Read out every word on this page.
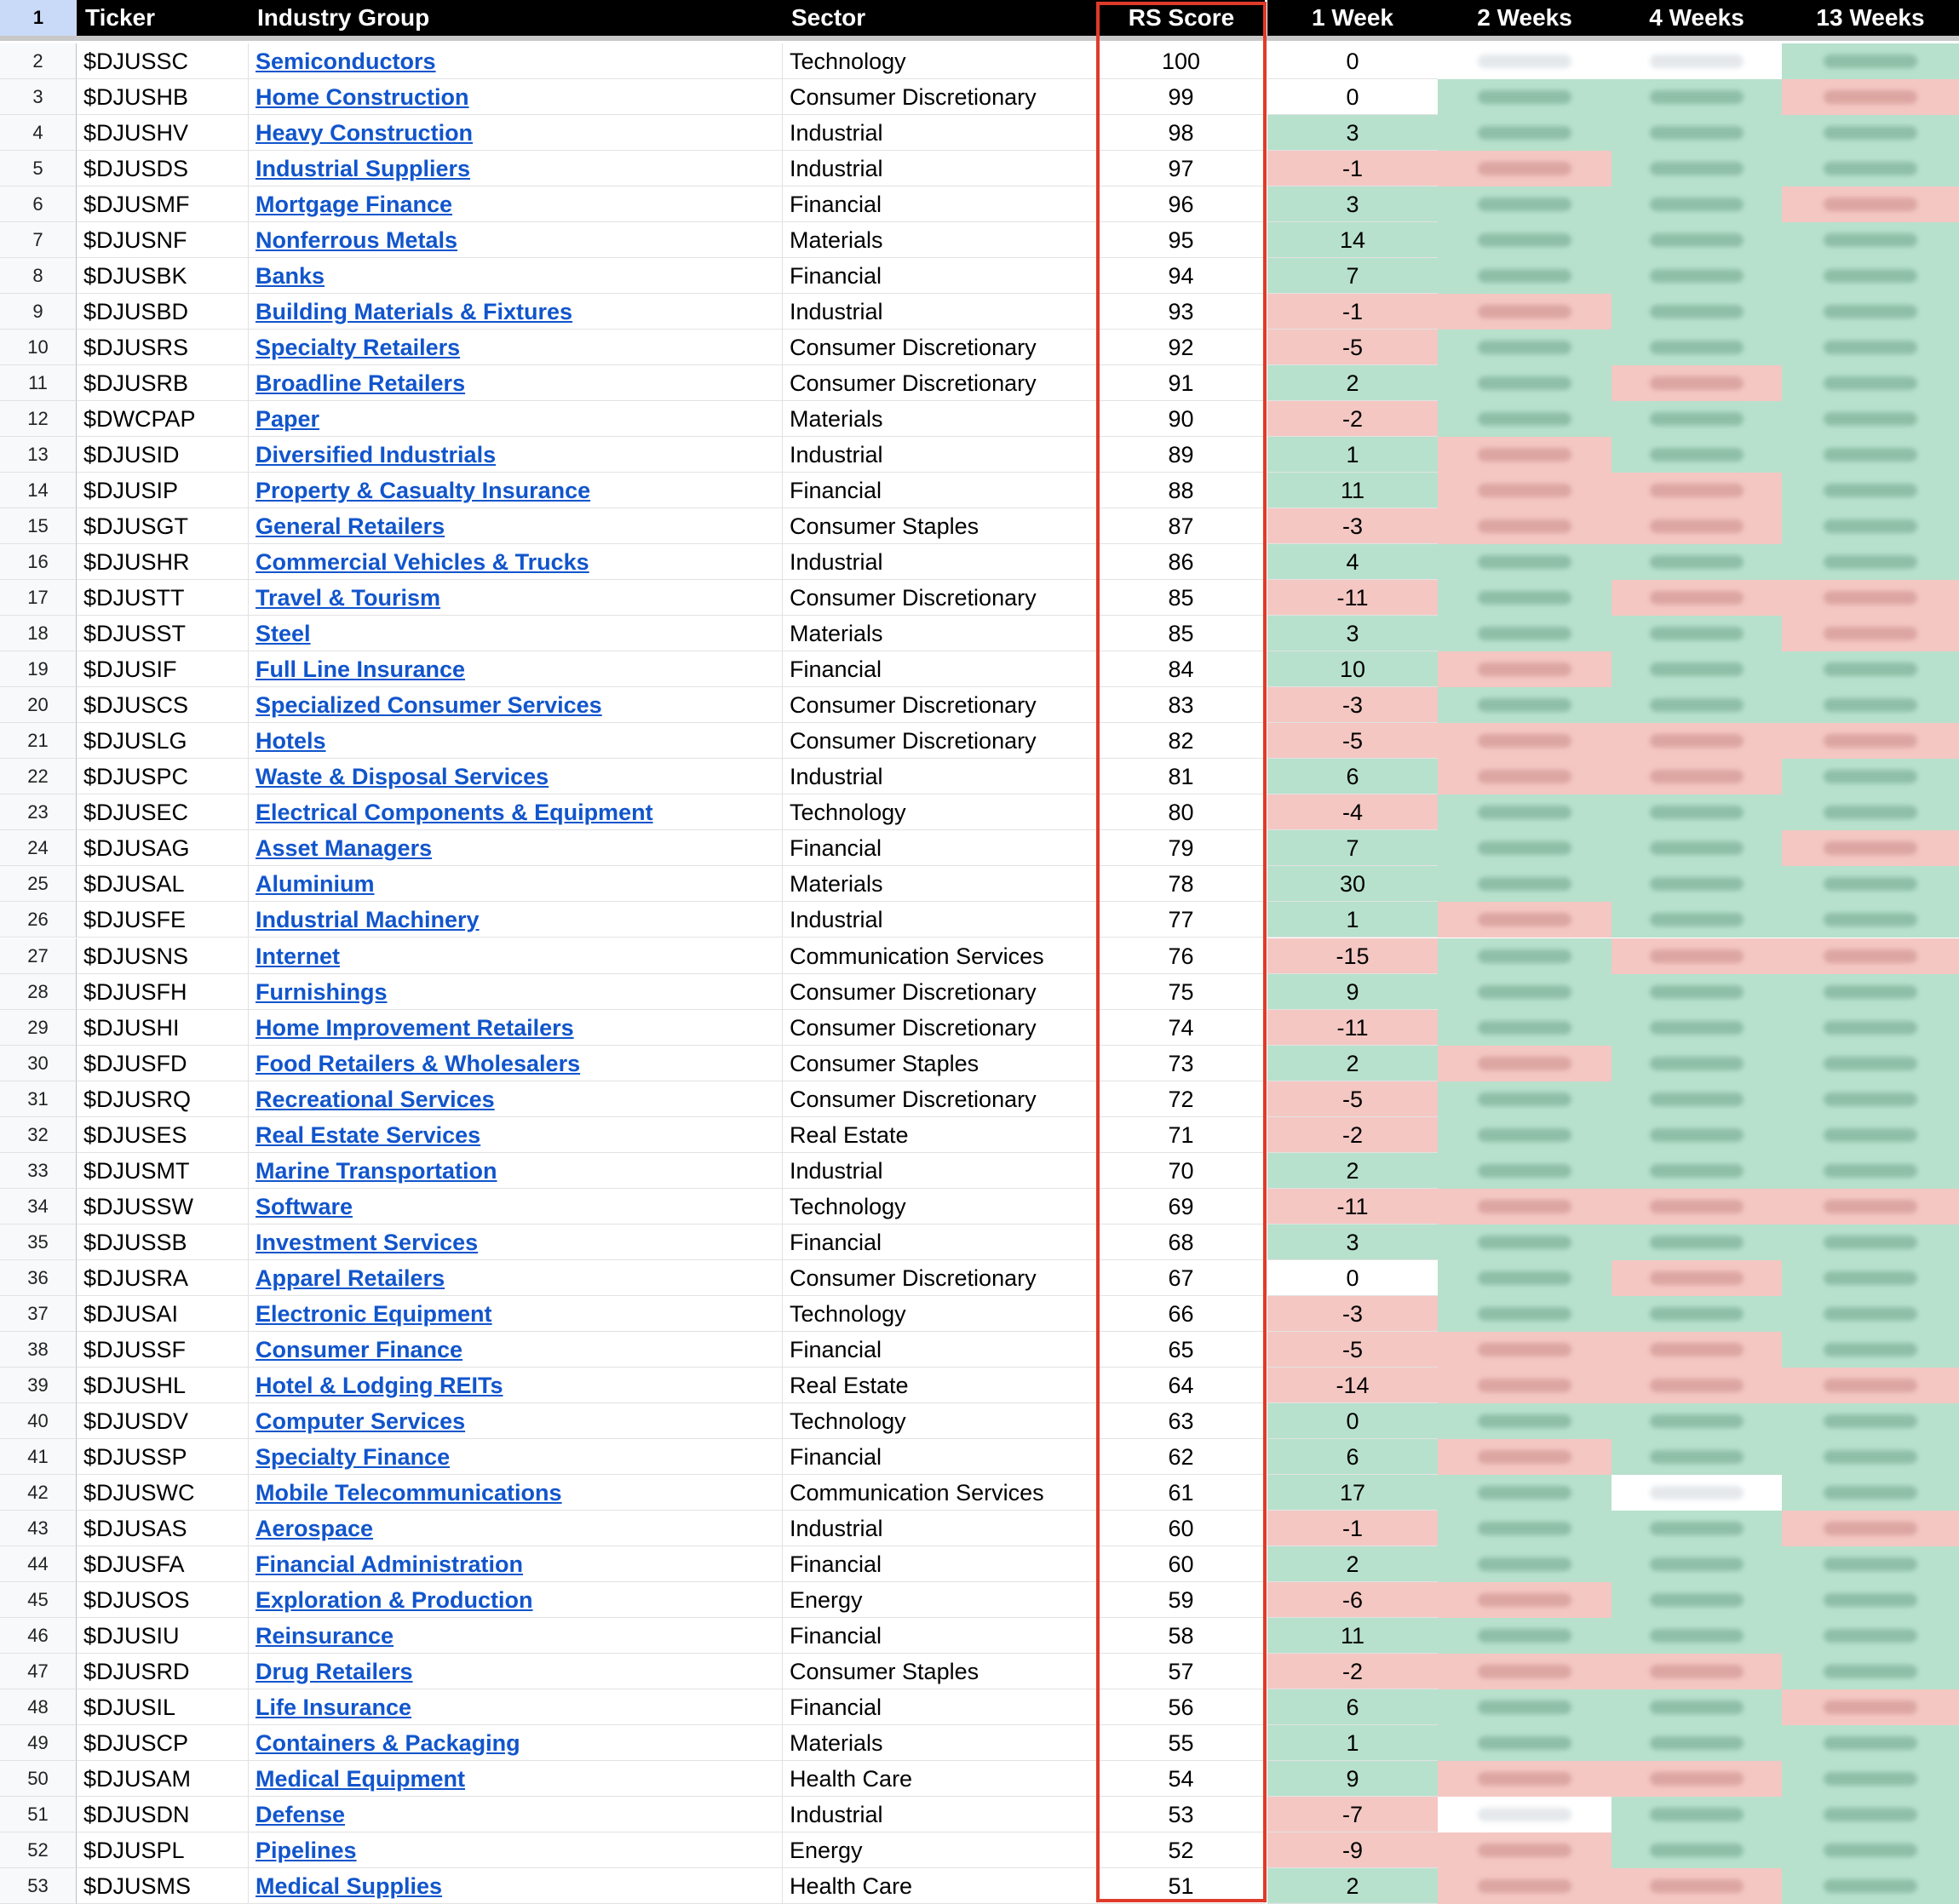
1	Ticker	Industry Group	Sector	RS Score	1 Week	2 Weeks	4 Weeks	13 Weeks
2	$DJUSSC	Semiconductors	Technology	100	0
3	$DJUSHB	Home Construction	Consumer Discretionary	99	0
4	$DJUSHV	Heavy Construction	Industrial	98	3
5	$DJUSDS	Industrial Suppliers	Industrial	97	-1
6	$DJUSMF	Mortgage Finance	Financial	96	3
7	$DJUSNF	Nonferrous Metals	Materials	95	14
8	$DJUSBK	Banks	Financial	94	7
9	$DJUSBD	Building Materials & Fixtures	Industrial	93	-1
10	$DJUSRS	Specialty Retailers	Consumer Discretionary	92	-5
11	$DJUSRB	Broadline Retailers	Consumer Discretionary	91	2
12	$DWCPAP	Paper	Materials	90	-2
13	$DJUSID	Diversified Industrials	Industrial	89	1
14	$DJUSIP	Property & Casualty Insurance	Financial	88	11
15	$DJUSGT	General Retailers	Consumer Staples	87	-3
16	$DJUSHR	Commercial Vehicles & Trucks	Industrial	86	4
17	$DJUSTT	Travel & Tourism	Consumer Discretionary	85	-11
18	$DJUSST	Steel	Materials	85	3
19	$DJUSIF	Full Line Insurance	Financial	84	10
20	$DJUSCS	Specialized Consumer Services	Consumer Discretionary	83	-3
21	$DJUSLG	Hotels	Consumer Discretionary	82	-5
22	$DJUSPC	Waste & Disposal Services	Industrial	81	6
23	$DJUSEC	Electrical Components & Equipment	Technology	80	-4
24	$DJUSAG	Asset Managers	Financial	79	7
25	$DJUSAL	Aluminium	Materials	78	30
26	$DJUSFE	Industrial Machinery	Industrial	77	1
27	$DJUSNS	Internet	Communication Services	76	-15
28	$DJUSFH	Furnishings	Consumer Discretionary	75	9
29	$DJUSHI	Home Improvement Retailers	Consumer Discretionary	74	-11
30	$DJUSFD	Food Retailers & Wholesalers	Consumer Staples	73	2
31	$DJUSRQ	Recreational Services	Consumer Discretionary	72	-5
32	$DJUSES	Real Estate Services	Real Estate	71	-2
33	$DJUSMT	Marine Transportation	Industrial	70	2
34	$DJUSSW	Software	Technology	69	-11
35	$DJUSSB	Investment Services	Financial	68	3
36	$DJUSRA	Apparel Retailers	Consumer Discretionary	67	0
37	$DJUSAI	Electronic Equipment	Technology	66	-3
38	$DJUSSF	Consumer Finance	Financial	65	-5
39	$DJUSHL	Hotel & Lodging REITs	Real Estate	64	-14
40	$DJUSDV	Computer Services	Technology	63	0
41	$DJUSSP	Specialty Finance	Financial	62	6
42	$DJUSWC	Mobile Telecommunications	Communication Services	61	17
43	$DJUSAS	Aerospace	Industrial	60	-1
44	$DJUSFA	Financial Administration	Financial	60	2
45	$DJUSOS	Exploration & Production	Energy	59	-6
46	$DJUSIU	Reinsurance	Financial	58	11
47	$DJUSRD	Drug Retailers	Consumer Staples	57	-2
48	$DJUSIL	Life Insurance	Financial	56	6
49	$DJUSCP	Containers & Packaging	Materials	55	1
50	$DJUSAM	Medical Equipment	Health Care	54	9
51	$DJUSDN	Defense	Industrial	53	-7
52	$DJUSPL	Pipelines	Energy	52	-9
53	$DJUSMS	Medical Supplies	Health Care	51	2
